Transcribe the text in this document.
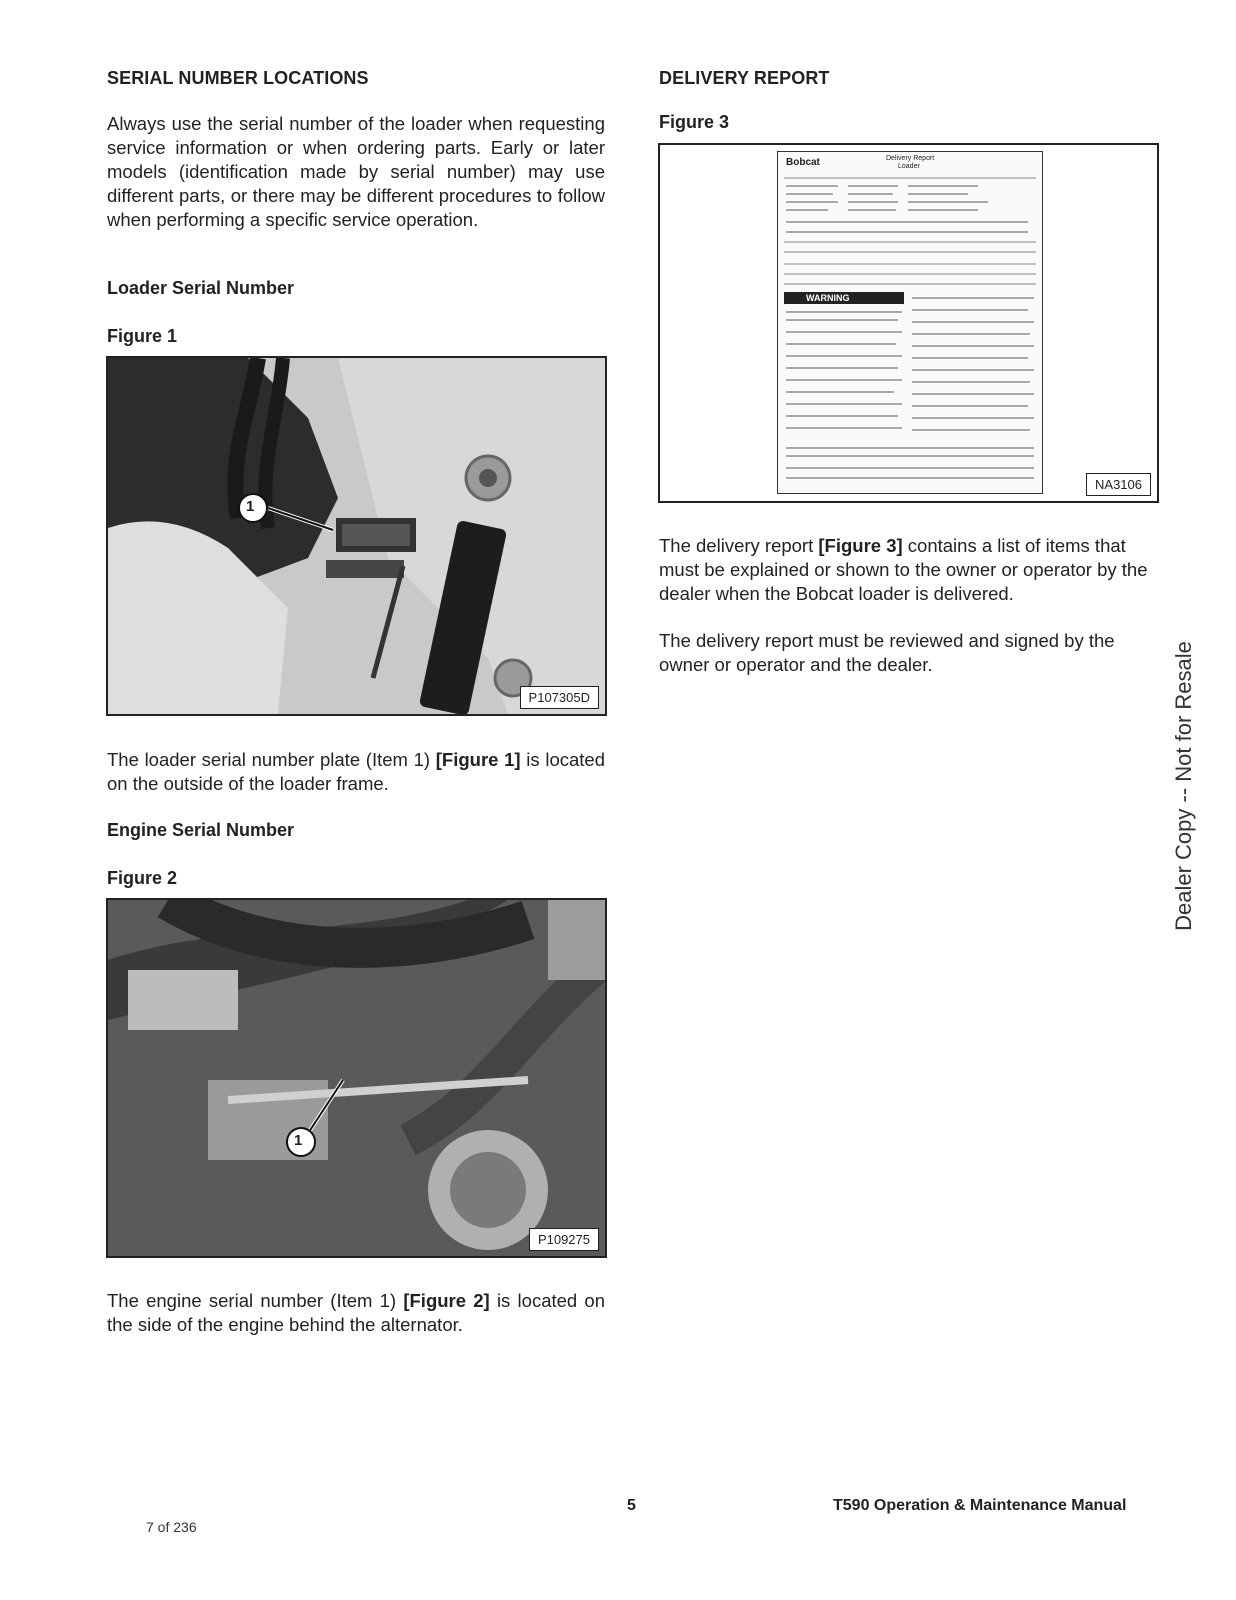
SERIAL NUMBER LOCATIONS
Always use the serial number of the loader when requesting service information or when ordering parts. Early or later models (identification made by serial number) may use different parts, or there may be different procedures to follow when performing a specific service operation.
Loader Serial Number
Figure 1
1
P107305D
The loader serial number plate (Item 1) [Figure 1] is located on the outside of the loader frame.
Engine Serial Number
Figure 2
1
P109275
The engine serial number (Item 1) [Figure 2] is located on the side of the engine behind the alternator.
DELIVERY REPORT
Figure 3
Bobcat	Delivery Report
Loader
WARNING
NA3106
The delivery report [Figure 3] contains a list of items that must be explained or shown to the owner or operator by the dealer when the Bobcat loader is delivered.
The delivery report must be reviewed and signed by the owner or operator and the dealer.	Dealer Copy -- Not for Resale
5	T590 Operation & Maintenance Manual
7 of 236
